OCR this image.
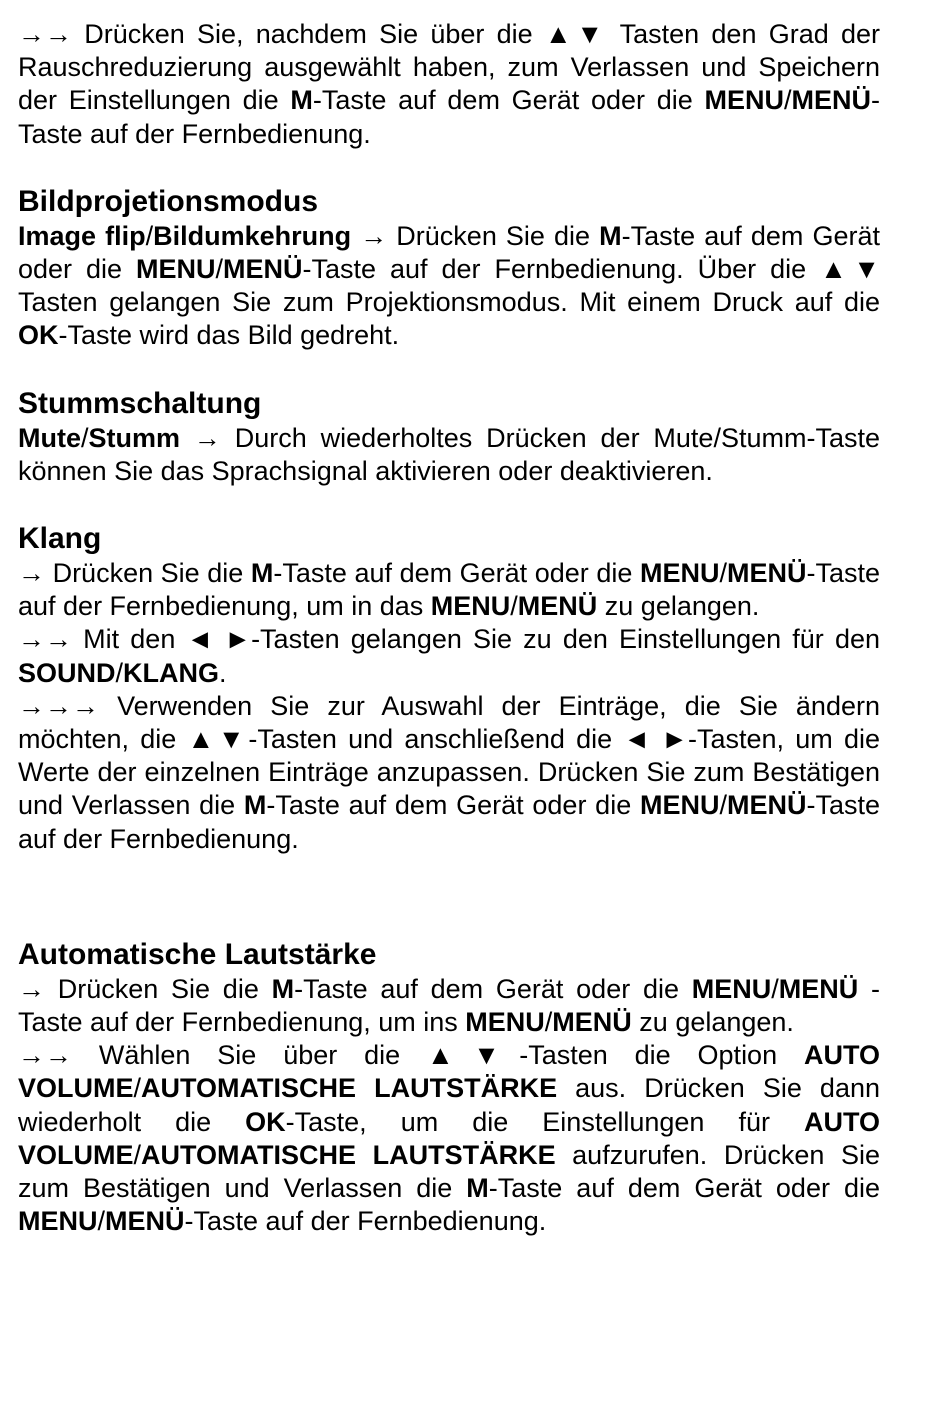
→→ Drücken Sie, nachdem Sie über die ▲▼ Tasten den Grad der Rauschreduzierung ausgewählt haben, zum Verlassen und Speichern der Einstellungen die M-Taste auf dem Gerät oder die MENU/MENÜ-Taste auf der Fernbedienung.

Bildprojetionsmodus

Image flip/Bildumkehrung → Drücken Sie die M-Taste auf dem Gerät oder die MENU/MENÜ-Taste auf der Fernbedienung. Über die ▲▼ Tasten gelangen Sie zum Projektionsmodus. Mit einem Druck auf die OK-Taste wird das Bild gedreht.

Stummschaltung

Mute/Stumm → Durch wiederholtes Drücken der Mute/Stumm-Taste können Sie das Sprachsignal aktivieren oder deaktivieren.

Klang

→ Drücken Sie die M-Taste auf dem Gerät oder die MENU/MENÜ-Taste auf der Fernbedienung, um in das MENU/MENÜ zu gelangen.

→→ Mit den ◄ ►-Tasten gelangen Sie zu den Einstellungen für den SOUND/KLANG.

→→→ Verwenden Sie zur Auswahl der Einträge, die Sie ändern möchten, die ▲▼-Tasten und anschließend die ◄ ►-Tasten, um die Werte der einzelnen Einträge anzupassen. Drücken Sie zum Bestätigen und Verlassen die M-Taste auf dem Gerät oder die MENU/MENÜ-Taste auf der Fernbedienung.

Automatische Lautstärke

→ Drücken Sie die M-Taste auf dem Gerät oder die MENU/MENÜ -Taste auf der Fernbedienung, um ins MENU/MENÜ zu gelangen.

→→ Wählen Sie über die ▲▼-Tasten die Option AUTO VOLUME/AUTOMATISCHE LAUTSTÄRKE aus. Drücken Sie dann wiederholt die OK-Taste, um die Einstellungen für AUTO VOLUME/AUTOMATISCHE LAUTSTÄRKE aufzurufen. Drücken Sie zum Bestätigen und Verlassen die M-Taste auf dem Gerät oder die MENU/MENÜ-Taste auf der Fernbedienung.
